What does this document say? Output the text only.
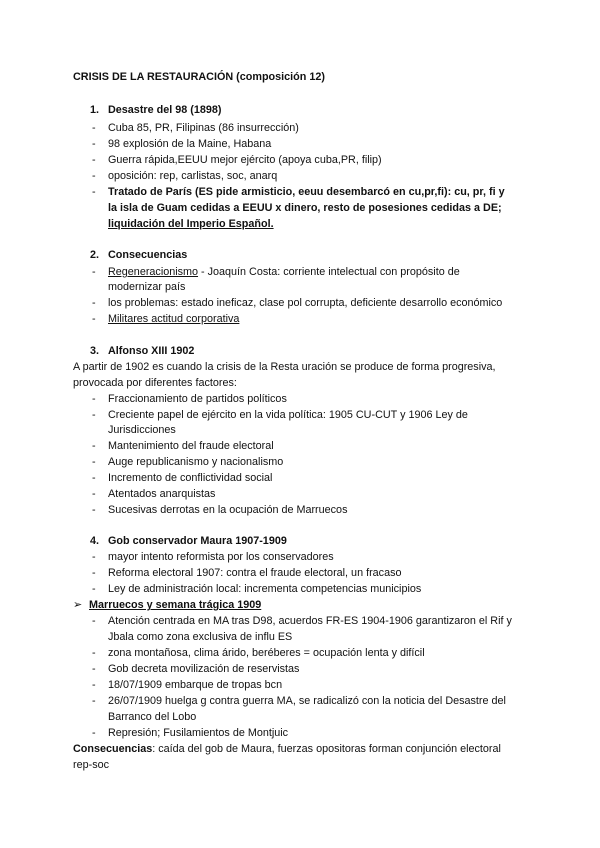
CRISIS DE LA RESTAURACIÓN (composición 12)
1. Desastre del 98 (1898)
- Cuba 85, PR, Filipinas (86 insurrección)
- 98 explosión de la Maine, Habana
- Guerra rápida,EEUU mejor ejército (apoya cuba,PR, filip)
- oposición: rep, carlistas, soc, anarq
- Tratado de París (ES pide armisticio, eeuu desembarcó en cu,pr,fi): cu, pr, fi y
la isla de Guam cedidas a EEUU x dinero, resto de posesiones cedidas a DE;
liquidación del Imperio Español.
2. Consecuencias
- Regeneracionismo - Joaquín Costa: corriente intelectual con propósito de
modernizar país
- los problemas: estado ineficaz, clase pol corrupta, deficiente desarrollo económico
- Militares actitud corporativa
3. Alfonso XIII 1902
A partir de 1902 es cuando la crisis de la Resta uración se produce de forma progresiva,
provocada por diferentes factores:
- Fraccionamiento de partidos políticos
- Creciente papel de ejército en la vida política: 1905 CU-CUT y 1906 Ley de
Jurisdicciones
- Mantenimiento del fraude electoral
- Auge republicanismo y nacionalismo
- Incremento de conflictividad social
- Atentados anarquistas
- Sucesivas derrotas en la ocupación de Marruecos
4. Gob conservador Maura 1907-1909
- mayor intento reformista por los conservadores
- Reforma electoral 1907: contra el fraude electoral, un fracaso
- Ley de administración local: incrementa competencias municipios
➢ Marruecos y semana trágica 1909
- Atención centrada en MA tras D98, acuerdos FR-ES 1904-1906 garantizaron el Rif y
Jbala como zona exclusiva de influ ES
- zona montañosa, clima árido, beréberes = ocupación lenta y difícil
- Gob decreta movilización de reservistas
- 18/07/1909 embarque de tropas bcn
- 26/07/1909 huelga g contra guerra MA, se radicalizó con la noticia del Desastre del
Barranco del Lobo
- Represión; Fusilamientos de Montjuic
Consecuencias: caída del gob de Maura, fuerzas opositoras forman conjunción electoral
rep-soc
